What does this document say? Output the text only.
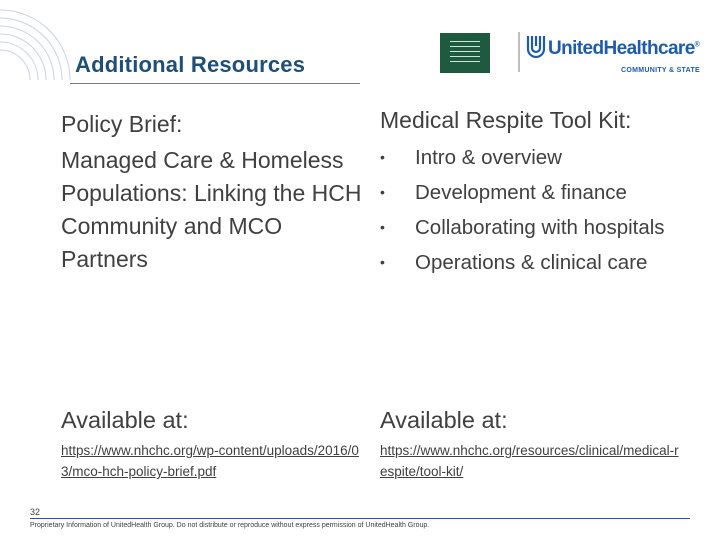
Additional Resources
UnitedHealthcare®
COMMUNITY & STATE

Policy Brief:

Managed Care & Homeless Populations: Linking the HCH Community and MCO Partners

Medical Respite Tool Kit:

• Intro & overview
• Development & finance
• Collaborating with hospitals
• Operations & clinical care

Available at:	Available at:

https://www.nhchc.org/wp-content/uploads/2016/03/mco-hch-policy-brief.pdf
https://www.nhchc.org/resources/clinical/medical-respite/tool-kit/
32
Proprietary Information of UnitedHealth Group. Do not distribute or reproduce without express permission of UnitedHealth Group.
